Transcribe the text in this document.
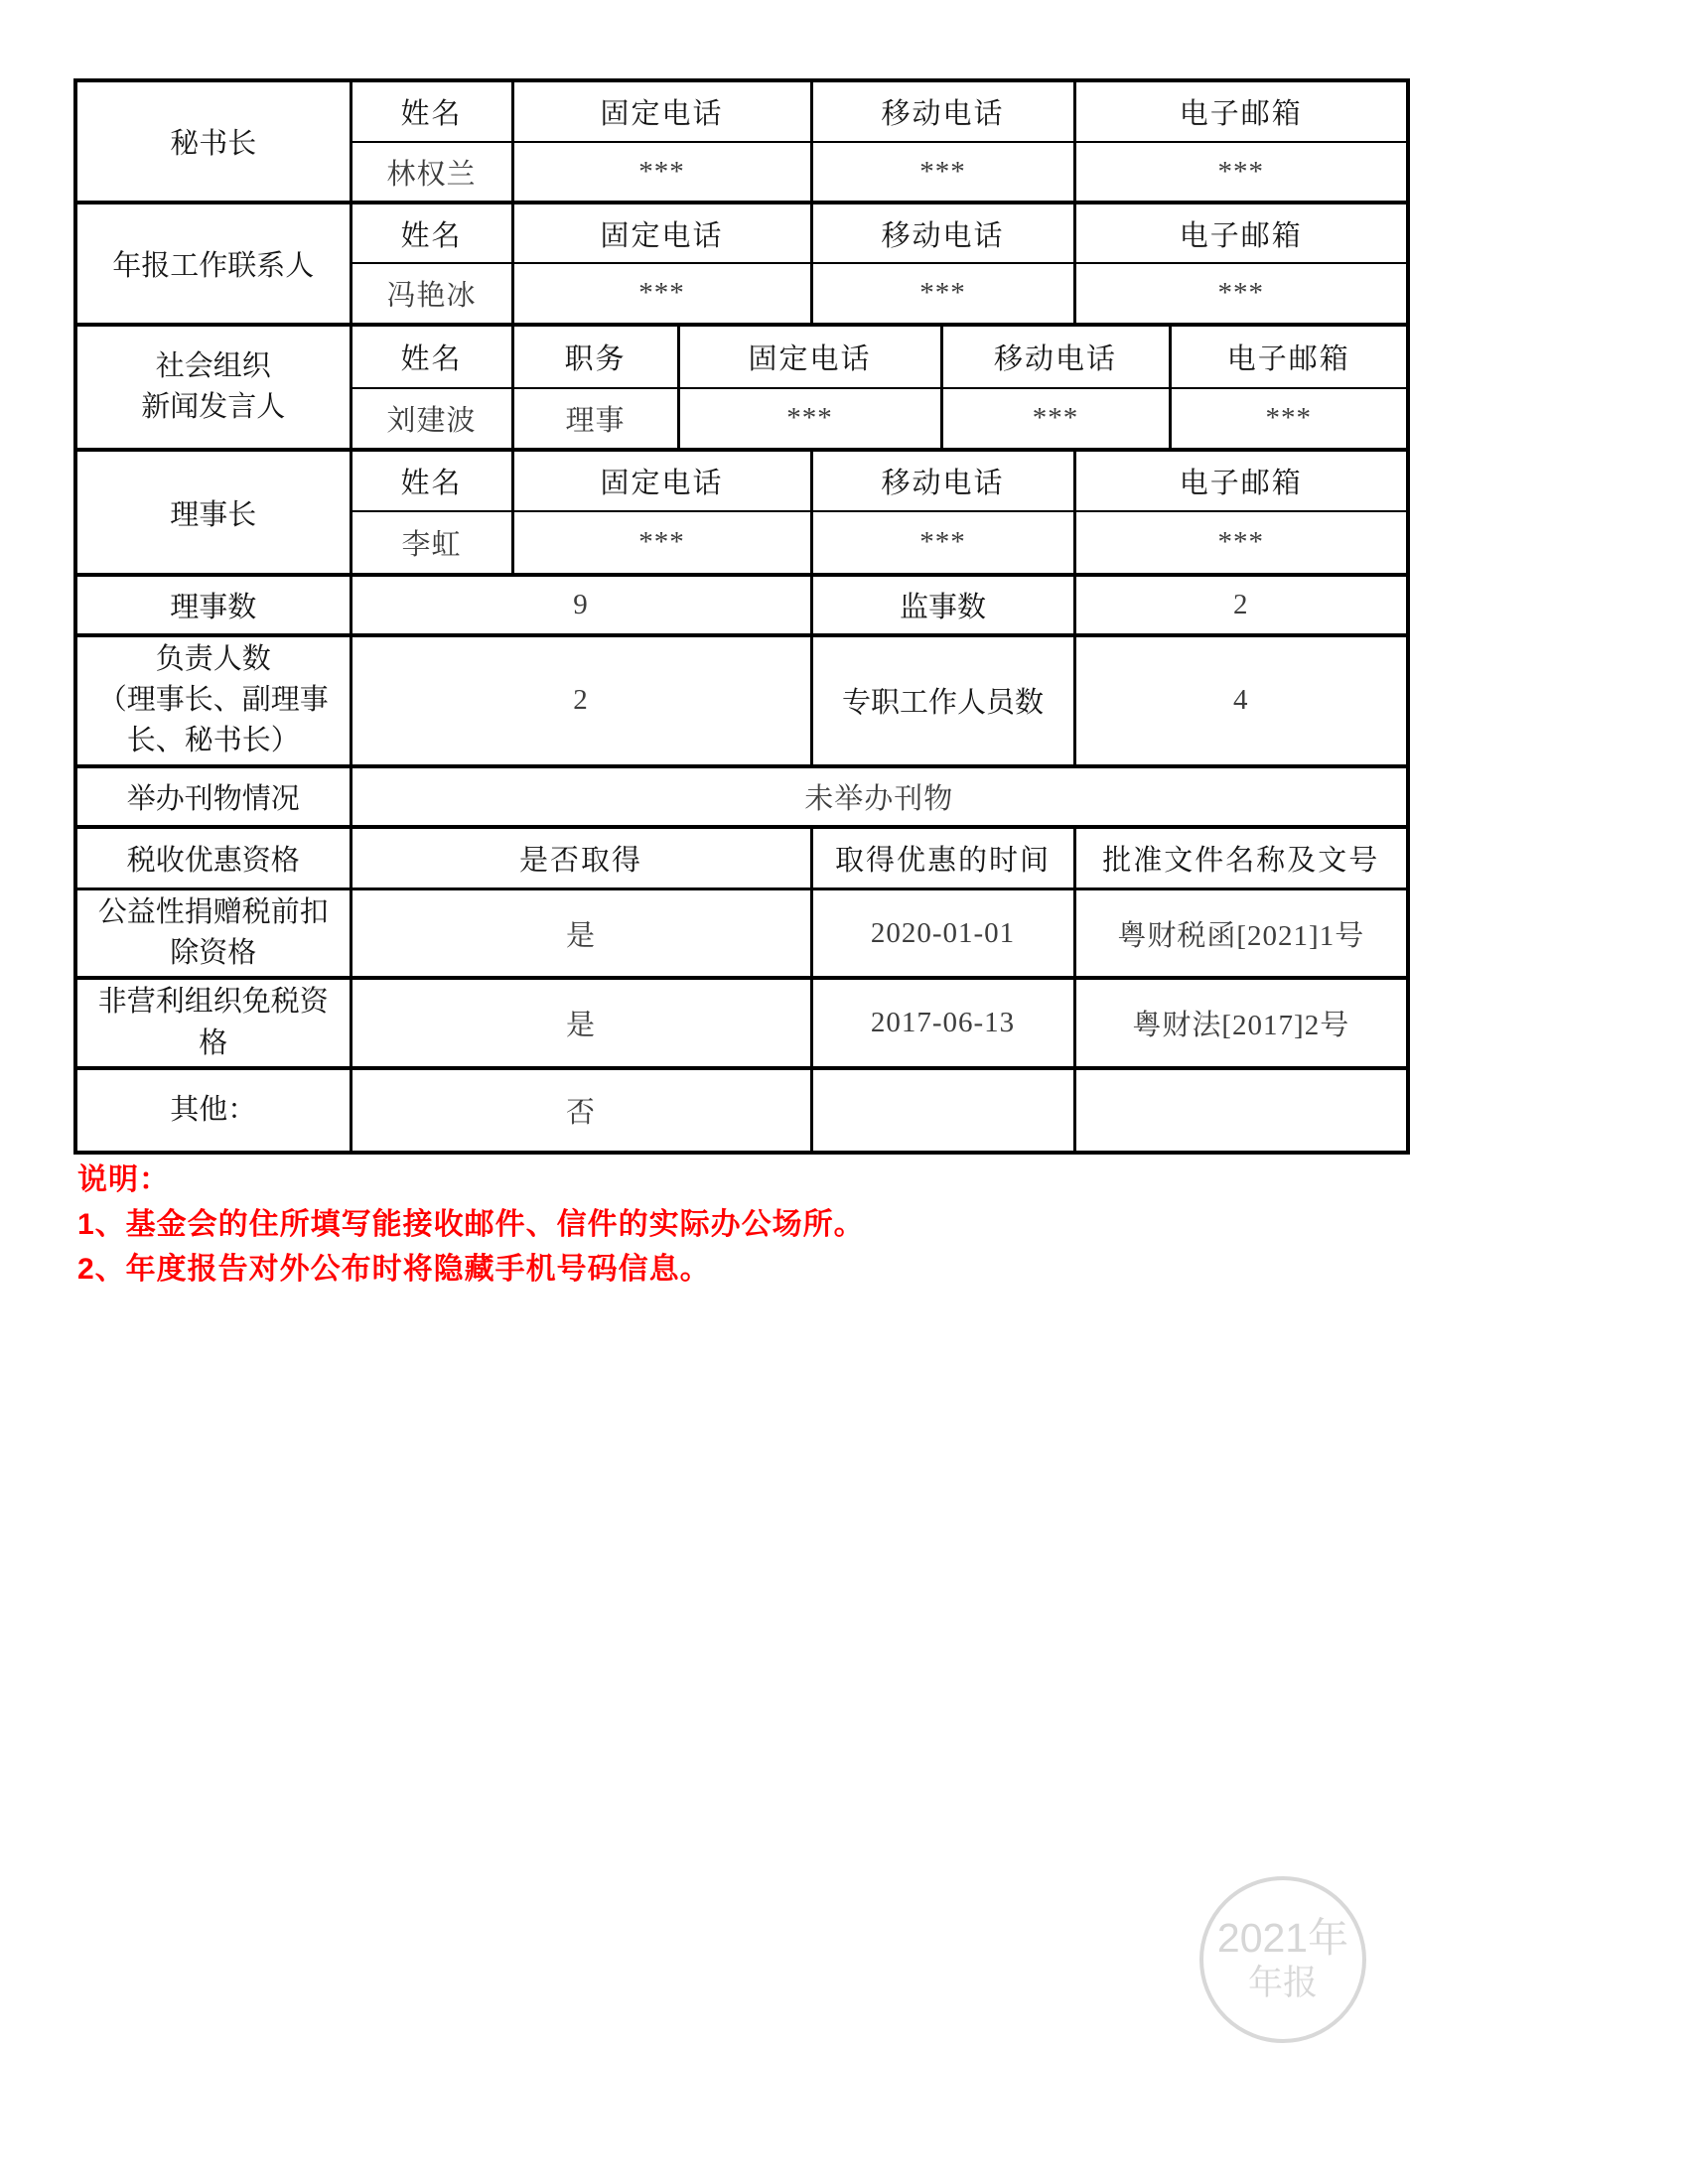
秘书长	姓名	固定电话		移动电话		电子邮箱	
	林权兰	***		***		***	
年报工作联系人	姓名	固定电话		移动电话		电子邮箱	
	冯艳冰	***		***		***	

社会组织
新闻发言人	姓名	职务	固定电话		移动电话		电子邮箱
	刘建波	理事	***		***		***
理事长	姓名	固定电话		移动电话		电子邮箱	
	李虹	***		***		***	
理事数	9			监事数		2	

负责人数
（理事长、副理事
长、秘书长）	2			专职工作人员数		4	
举办刊物情况	未举办刊物						
税收优惠资格	是否取得			取得优惠的时间		批准文件名称及文号	

公益性捐赠税前扣
除资格	是			2020-01-01		粤财税函[2021]1号	

非营利组织免税资
格	是			2017-06-13		粤财法[2017]2号	

其他：	否						
说明：
1、基金会的住所填写能接收邮件、信件的实际办公场所。
2、年度报告对外公布时将隐藏手机号码信息。
2021年
年报
